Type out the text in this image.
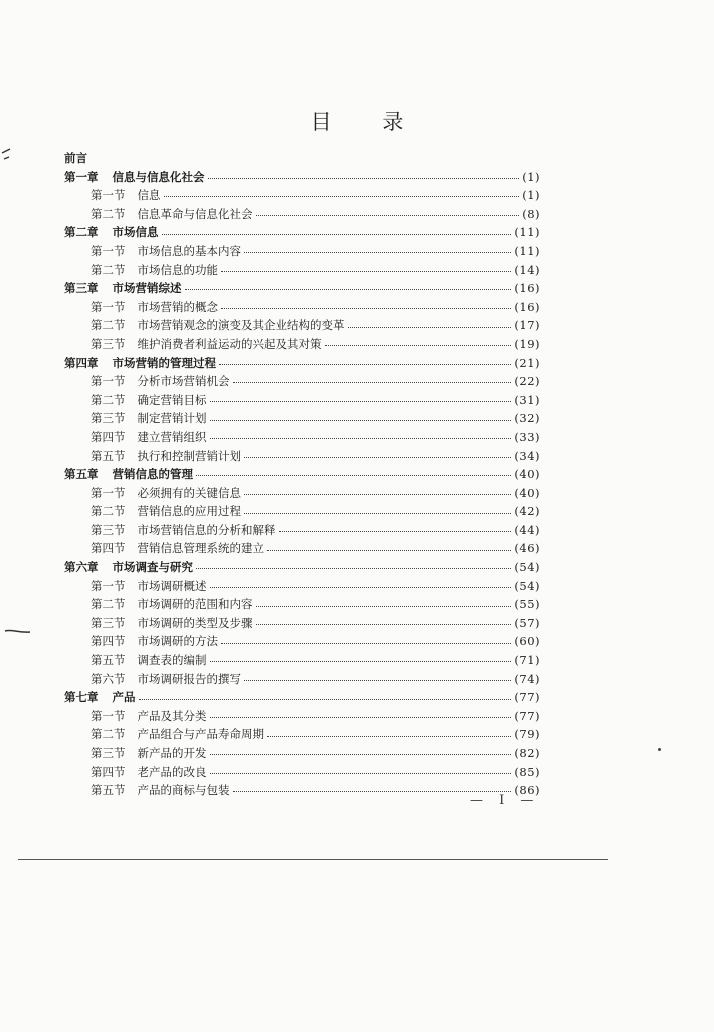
目 录
前言
第一章 信息与信息化社会	(1)
第一节 信息	(1)
第二节 信息革命与信息化社会	(8)
第二章 市场信息	(11)
第一节 市场信息的基本内容	(11)
第二节 市场信息的功能	(14)
第三章 市场营销综述	(16)
第一节 市场营销的概念	(16)
第二节 市场营销观念的演变及其企业结构的变革	(17)
第三节 维护消费者利益运动的兴起及其对策	(19)
第四章 市场营销的管理过程	(21)
第一节 分析市场营销机会	(22)
第二节 确定营销目标	(31)
第三节 制定营销计划	(32)
第四节 建立营销组织	(33)
第五节 执行和控制营销计划	(34)
第五章 营销信息的管理	(40)
第一节 必须拥有的关键信息	(40)
第二节 营销信息的应用过程	(42)
第三节 市场营销信息的分析和解释	(44)
第四节 营销信息管理系统的建立	(46)
第六章 市场调查与研究	(54)
第一节 市场调研概述	(54)
第二节 市场调研的范围和内容	(55)
第三节 市场调研的类型及步骤	(57)
第四节 市场调研的方法	(60)
第五节 调查表的编制	(71)
第六节 市场调研报告的撰写	(74)
第七章 产品	(77)
第一节 产品及其分类	(77)
第二节 产品组合与产品寿命周期	(79)
第三节 新产品的开发	(82)
第四节 老产品的改良	(85)
第五节 产品的商标与包装	(86)
— I —
